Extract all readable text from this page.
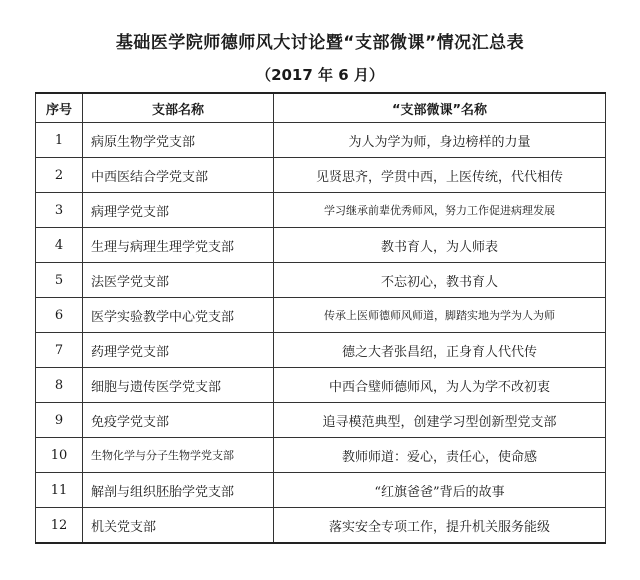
基础医学院师德师风大讨论暨“支部微课”情况汇总表
（2017 年 6 月）
序号	支部名称	“支部微课”名称
1	病原生物学党支部	为人为学为师，身边榜样的力量
2	中西医结合学党支部	见贤思齐，学贯中西，上医传统，代代相传
3	病理学党支部	学习继承前辈优秀师风，努力工作促进病理发展
4	生理与病理生理学党支部	教书育人，为人师表
5	法医学党支部	不忘初心，教书育人
6	医学实验教学中心党支部	传承上医师德师风师道，脚踏实地为学为人为师
7	药理学党支部	德之大者张昌绍，正身育人代代传
8	细胞与遗传医学党支部	中西合璧师德师风，为人为学不改初衷
9	免疫学党支部	追寻模范典型，创建学习型创新型党支部
10	生物化学与分子生物学党支部	教师师道：爱心，责任心，使命感
11	解剖与组织胚胎学党支部	“红旗爸爸”背后的故事
12	机关党支部	落实安全专项工作，提升机关服务能级
